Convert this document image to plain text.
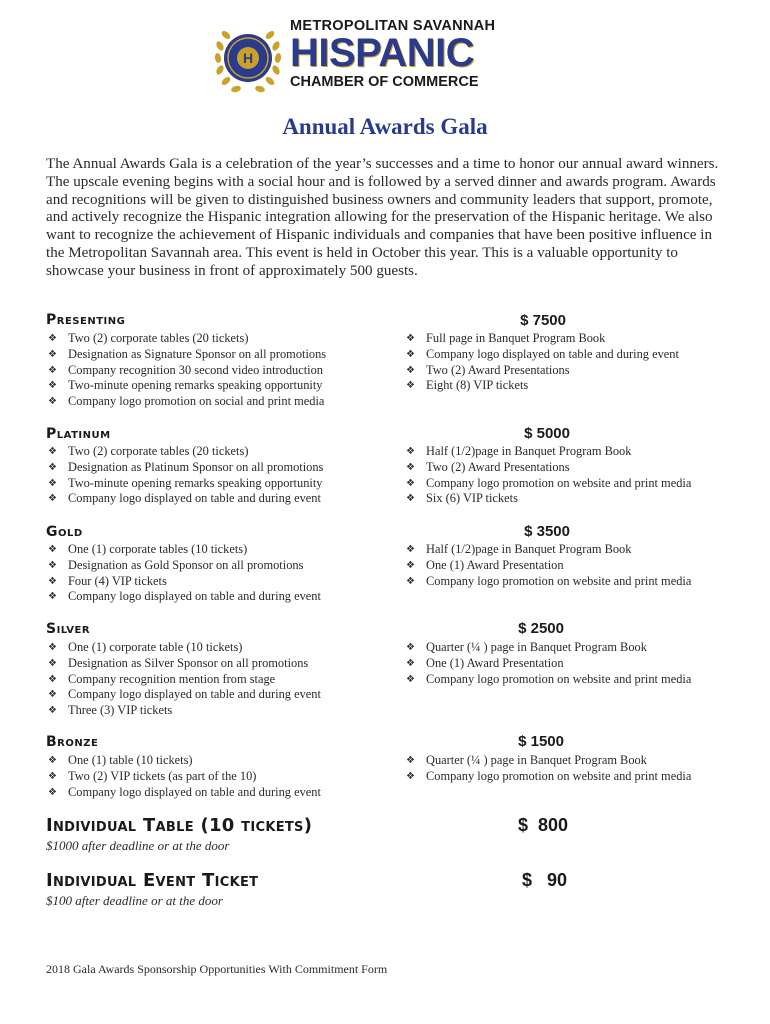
H
METROPOLITAN SAVANNAH
HISPANIC
CHAMBER OF COMMERCE
Annual Awards Gala
The Annual Awards Gala is a celebration of the year’s successes and a time to honor our annual award winners. The upscale evening begins with a social hour and is followed by a served dinner and awards program. Awards and recognitions will be given to distinguished business owners and community leaders that support, promote, and actively recognize the Hispanic integration allowing for the preservation of the Hispanic heritage. We also want to recognize the achievement of Hispanic individuals and companies that have been positive influence in the Metropolitan Savannah area. This event is held in October this year. This is a valuable opportunity to showcase your business in front of approximately 500 guests.
Presenting	$ 7500
❖ Two (2) corporate tables (20 tickets)
❖ Designation as Signature Sponsor on all promotions
❖ Company recognition 30 second video introduction
❖ Two-minute opening remarks speaking opportunity
❖ Company logo promotion on social and print media
❖ Full page in Banquet Program Book
❖ Company logo displayed on table and during event
❖ Two (2) Award Presentations
❖ Eight (8) VIP tickets
Platinum	$ 5000
❖ Two (2) corporate tables (20 tickets)
❖ Designation as Platinum Sponsor on all promotions
❖ Two-minute opening remarks speaking opportunity
❖ Company logo displayed on table and during event
❖ Half (1/2)page in Banquet Program Book
❖ Two (2) Award Presentations
❖ Company logo promotion on website and print media
❖ Six (6) VIP tickets
Gold	$ 3500
❖ One (1) corporate tables (10 tickets)
❖ Designation as Gold Sponsor on all promotions
❖ Four (4) VIP tickets
❖ Company logo displayed on table and during event
❖ Half (1/2)page in Banquet Program Book
❖ One (1) Award Presentation
❖ Company logo promotion on website and print media
Silver	$ 2500
❖ One (1) corporate table (10 tickets)
❖ Designation as Silver Sponsor on all promotions
❖ Company recognition mention from stage
❖ Company logo displayed on table and during event
❖ Three (3) VIP tickets
❖ Quarter (¼ ) page in Banquet Program Book
❖ One (1) Award Presentation
❖ Company logo promotion on website and print media
Bronze	$ 1500
❖ One (1) table (10 tickets)
❖ Two (2) VIP tickets (as part of the 10)
❖ Company logo displayed on table and during event
❖ Quarter (¼ ) page in Banquet Program Book
❖ Company logo promotion on website and print media
Individual Table (10 tickets)	$  800
$1000 after deadline or at the door
Individual Event Ticket	$   90
$100 after deadline or at the door
2018 Gala Awards Sponsorship Opportunities With Commitment Form
